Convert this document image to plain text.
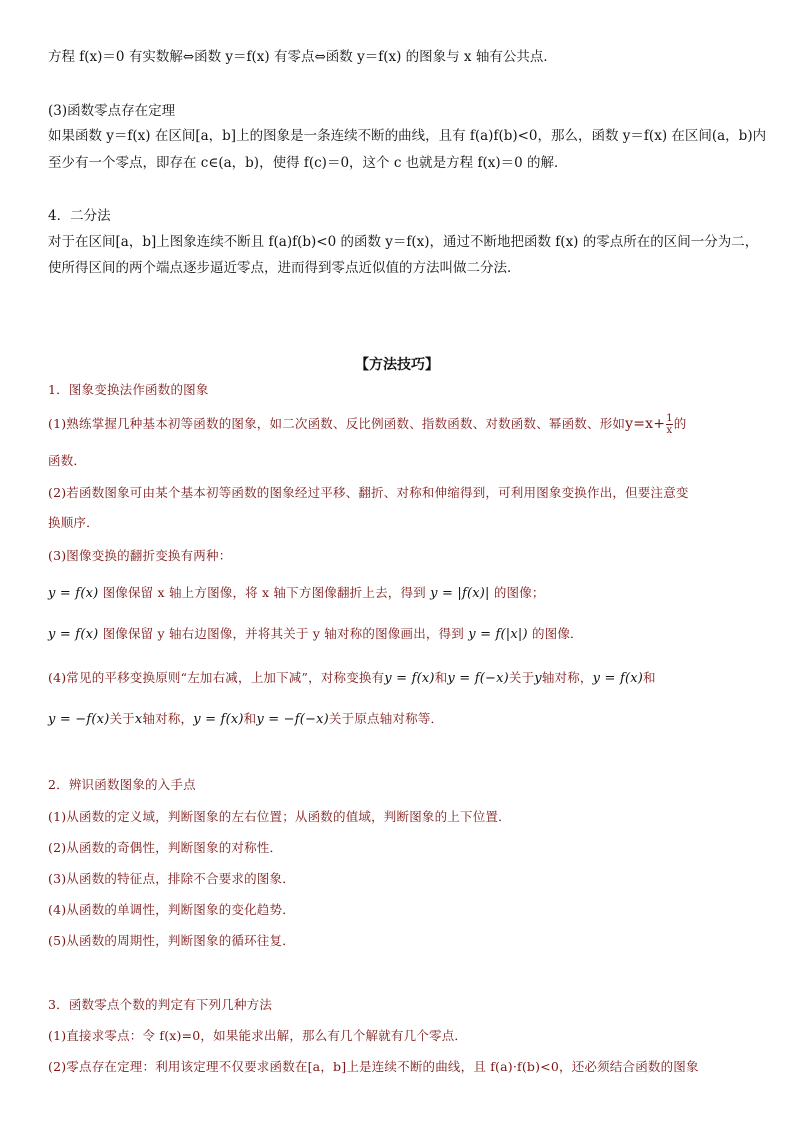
方程 f(x)＝0 有实数解⇔函数 y＝f(x) 有零点⇔函数 y＝f(x) 的图象与 x 轴有公共点．
(3)函数零点存在定理
如果函数 y＝f(x) 在区间[a，b]上的图象是一条连续不断的曲线，且有 f(a)f(b)<0，那么，函数 y＝f(x) 在区间(a，b)内
至少有一个零点，即存在 c∈(a，b)，使得 f(c)＝0，这个 c 也就是方程 f(x)＝0 的解．
4．二分法
对于在区间[a，b]上图象连续不断且 f(a)f(b)<0 的函数 y＝f(x)，通过不断地把函数 f(x) 的零点所在的区间一分为二，
使所得区间的两个端点逐步逼近零点，进而得到零点近似值的方法叫做二分法．
【方法技巧】
1．图象变换法作函数的图象
(1)熟练掌握几种基本初等函数的图象，如二次函数、反比例函数、指数函数、对数函数、幂函数、形如$y=x+ \frac{1}{x}$ 的
函数．
(2)若函数图象可由某个基本初等函数的图象经过平移、翻折、对称和伸缩得到，可利用图象变换作出，但要注意变
换顺序．
(3)图像变换的翻折变换有两种：
y = f(x) 图像保留 x 轴上方图像，将 x 轴下方图像翻折上去，得到 y = |f(x)| 的图像；
y = f(x) 图像保留 y 轴右边图像，并将其关于 y 轴对称的图像画出，得到 y = f(|x|) 的图像．
(4)常见的平移变换原则“左加右减，上加下减”，对称变换有y = f(x)和y = f(−x)关于y轴对称，y = f(x)和
y = −f(x)关于x轴对称，y = f(x)和y = −f(−x)关于原点轴对称等．
2．辨识函数图象的入手点
(1)从函数的定义域，判断图象的左右位置；从函数的值域，判断图象的上下位置．
(2)从函数的奇偶性，判断图象的对称性．
(3)从函数的特征点，排除不合要求的图象．
(4)从函数的单调性，判断图象的变化趋势．
(5)从函数的周期性，判断图象的循环往复．
3．函数零点个数的判定有下列几种方法
(1)直接求零点：令 f(x)=0，如果能求出解，那么有几个解就有几个零点．
(2)零点存在定理：利用该定理不仅要求函数在[a，b]上是连续不断的曲线，且 f(a)·f(b)<0，还必须结合函数的图象
